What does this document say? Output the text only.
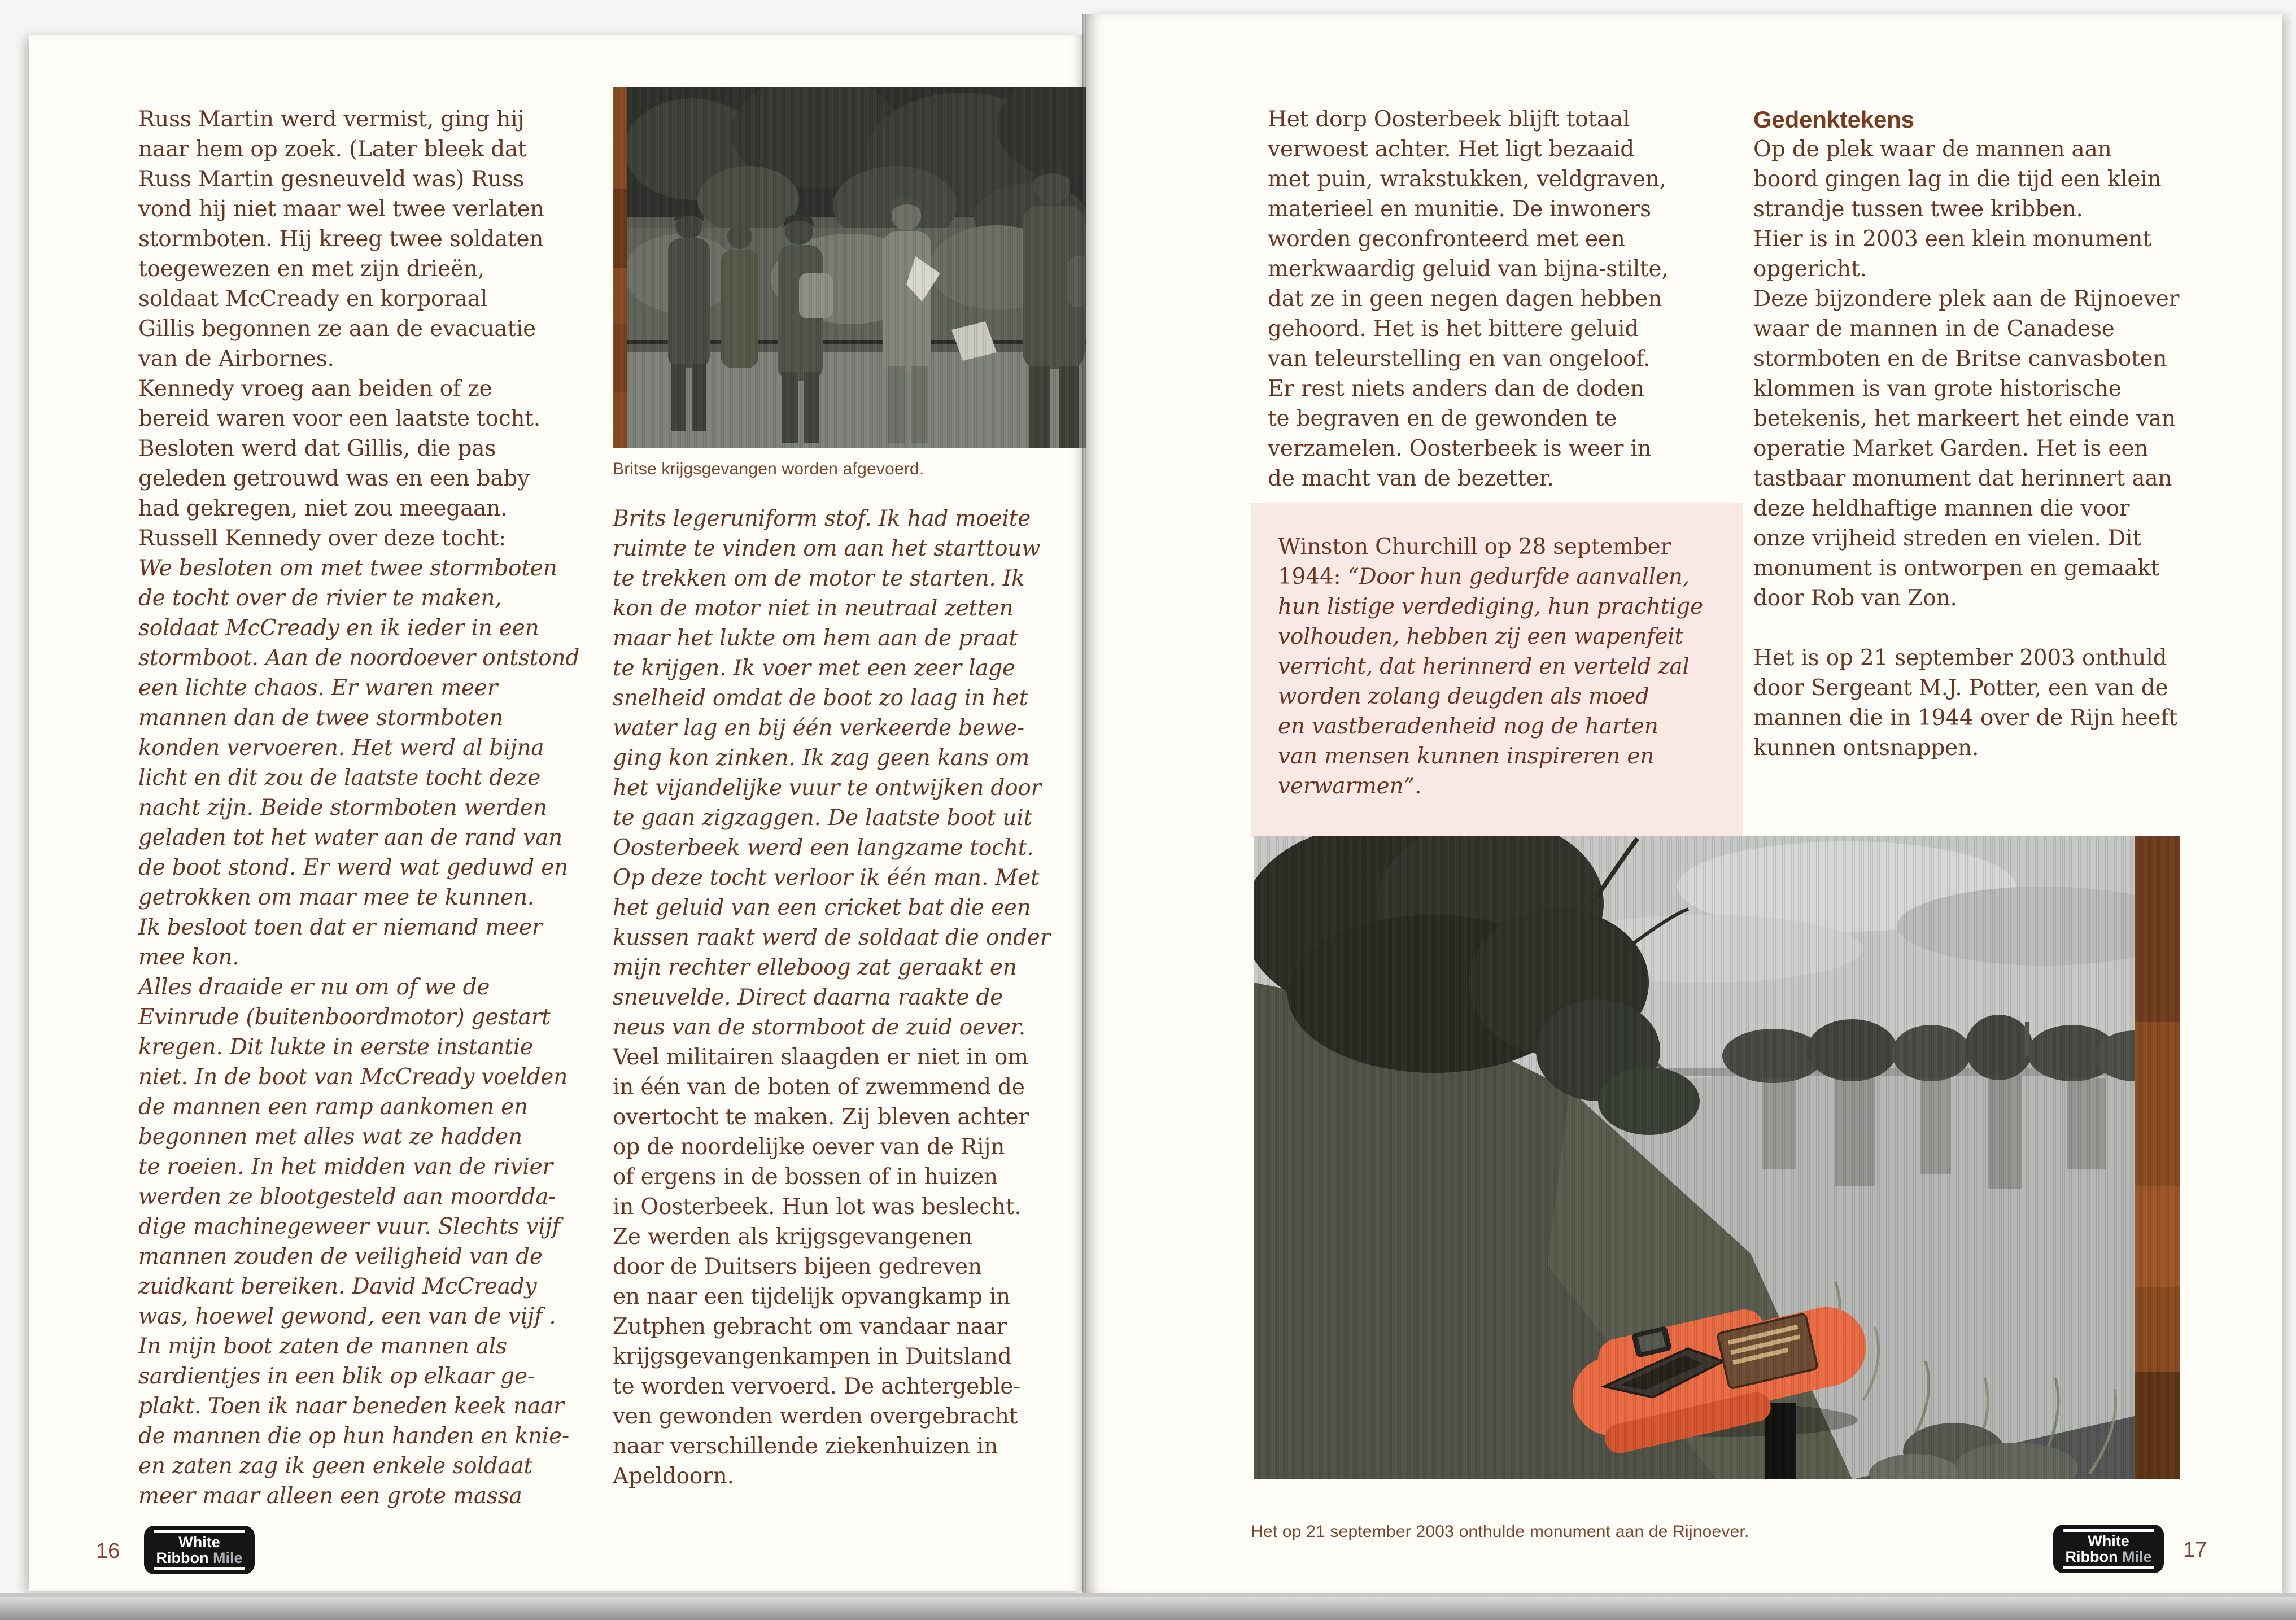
Russ Martin werd vermist, ging hij
naar hem op zoek. (Later bleek dat
Russ Martin gesneuveld was) Russ
vond hij niet maar wel twee verlaten
stormboten. Hij kreeg twee soldaten
toegewezen en met zijn drieën,
soldaat McCready en korporaal
Gillis begonnen ze aan de evacuatie
van de Airbornes.
Kennedy vroeg aan beiden of ze
bereid waren voor een laatste tocht.
Besloten werd dat Gillis, die pas
geleden getrouwd was en een baby
had gekregen, niet zou meegaan.
Russell Kennedy over deze tocht:
We besloten om met twee stormboten
de tocht over de rivier te maken,
soldaat McCready en ik ieder in een
stormboot. Aan de noordoever ontstond
een lichte chaos. Er waren meer
mannen dan de twee stormboten
konden vervoeren. Het werd al bijna
licht en dit zou de laatste tocht deze
nacht zijn. Beide stormboten werden
geladen tot het water aan de rand van
de boot stond. Er werd wat geduwd en
getrokken om maar mee te kunnen.
Ik besloot toen dat er niemand meer
mee kon.
Alles draaide er nu om of we de
Evinrude (buitenboordmotor) gestart
kregen. Dit lukte in eerste instantie
niet. In de boot van McCready voelden
de mannen een ramp aankomen en
begonnen met alles wat ze hadden
te roeien. In het midden van de rivier
werden ze blootgesteld aan moordda-
dige machinegeweer vuur. Slechts vijf
mannen zouden de veiligheid van de
zuidkant bereiken. David McCready
was, hoewel gewond, een van de vijf .
In mijn boot zaten de mannen als
sardientjes in een blik op elkaar ge-
plakt. Toen ik naar beneden keek naar
de mannen die op hun handen en knie-
en zaten zag ik geen enkele soldaat
meer maar alleen een grote massa
Britse krijgsgevangen worden afgevoerd.
Brits legeruniform stof. Ik had moeite
ruimte te vinden om aan het starttouw
te trekken om de motor te starten. Ik
kon de motor niet in neutraal zetten
maar het lukte om hem aan de praat
te krijgen. Ik voer met een zeer lage
snelheid omdat de boot zo laag in het
water lag en bij één verkeerde bewe-
ging kon zinken. Ik zag geen kans om
het vijandelijke vuur te ontwijken door
te gaan zigzaggen. De laatste boot uit
Oosterbeek werd een langzame tocht.
Op deze tocht verloor ik één man. Met
het geluid van een cricket bat die een
kussen raakt werd de soldaat die onder
mijn rechter elleboog zat geraakt en
sneuvelde. Direct daarna raakte de
neus van de stormboot de zuid oever.
Veel militairen slaagden er niet in om
in één van de boten of zwemmend de
overtocht te maken. Zij bleven achter
op de noordelijke oever van de Rijn
of ergens in de bossen of in huizen
in Oosterbeek. Hun lot was beslecht.
Ze werden als krijgsgevangenen
door de Duitsers bijeen gedreven
en naar een tijdelijk opvangkamp in
Zutphen gebracht om vandaar naar
krijgsgevangenkampen in Duitsland
te worden vervoerd. De achtergeble-
ven gewonden werden overgebracht
naar verschillende ziekenhuizen in
Apeldoorn.
16	White
Ribbon Mile
Het dorp Oosterbeek blijft totaal
verwoest achter. Het ligt bezaaid
met puin, wrakstukken, veldgraven,
materieel en munitie. De inwoners
worden geconfronteerd met een
merkwaardig geluid van bijna-stilte,
dat ze in geen negen dagen hebben
gehoord. Het is het bittere geluid
van teleurstelling en van ongeloof.
Er rest niets anders dan de doden
te begraven en de gewonden te
verzamelen. Oosterbeek is weer in
de macht van de bezetter.
Winston Churchill op 28 september
1944: “Door hun gedurfde aanvallen,
hun listige verdediging, hun prachtige
volhouden, hebben zij een wapenfeit
verricht, dat herinnerd en verteld zal
worden zolang deugden als moed
en vastberadenheid nog de harten
van mensen kunnen inspireren en
verwarmen”.
Gedenktekens
Op de plek waar de mannen aan
boord gingen lag in die tijd een klein
strandje tussen twee kribben.
Hier is in 2003 een klein monument
opgericht.
Deze bijzondere plek aan de Rijnoever
waar de mannen in de Canadese
stormboten en de Britse canvasboten
klommen is van grote historische
betekenis, het markeert het einde van
operatie Market Garden. Het is een
tastbaar monument dat herinnert aan
deze heldhaftige mannen die voor
onze vrijheid streden en vielen. Dit
monument is ontworpen en gemaakt
door Rob van Zon.

Het is op 21 september 2003 onthuld
door Sergeant M.J. Potter, een van de
mannen die in 1944 over de Rijn heeft
kunnen ontsnappen.
Het op 21 september 2003 onthulde monument aan de Rijnoever.	White
Ribbon Mile 17
